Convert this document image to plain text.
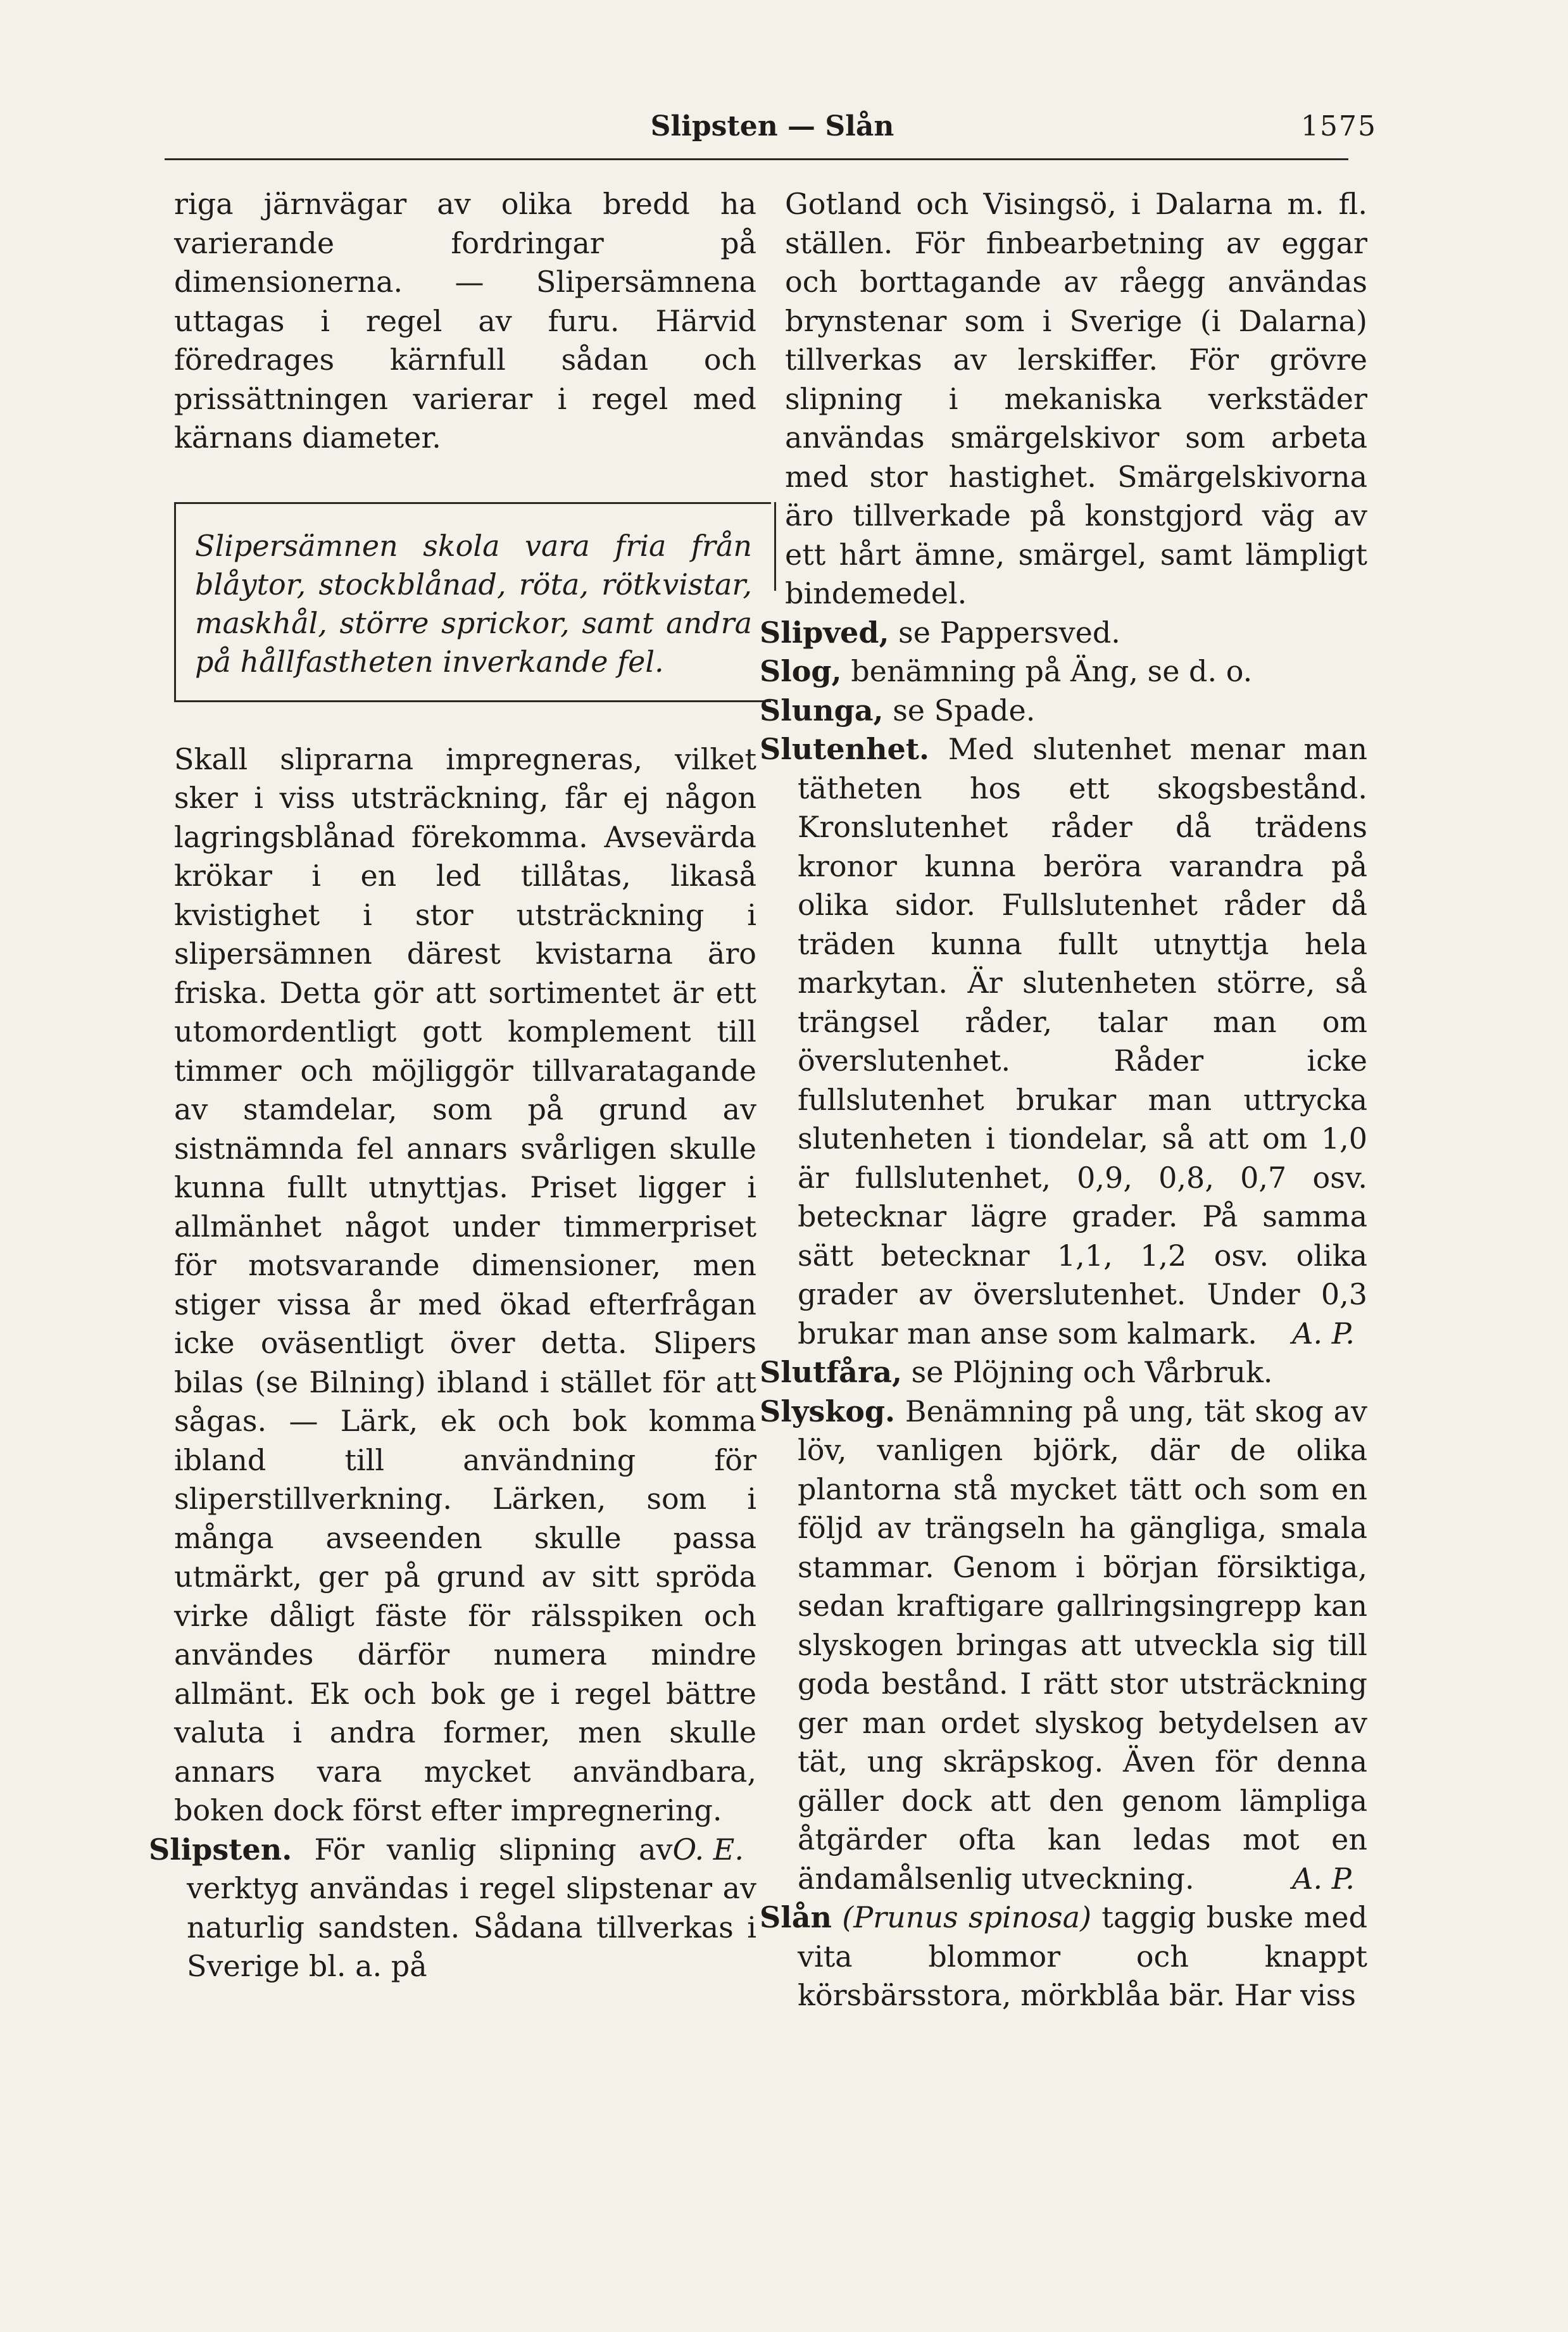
Slipsten — Slån	1575

riga järnvägar av olika bredd ha varierande fordringar på dimensionerna. — Slipersämnena uttagas i regel av furu. Härvid föredrages kärnfull sådan och prissättningen varierar i regel med kärnans diameter.

Slipersämnen skola vara fria från blåytor, stockblånad, röta, rötkvistar, maskhål, större sprickor, samt andra på hållfastheten inverkande fel.

Skall sliprarna impregneras, vilket sker i viss utsträckning, får ej någon lagringsblånad förekomma. Avsevärda krökar i en led tillåtas, likaså kvistighet i stor utsträckning i slipersämnen därest kvistarna äro friska. Detta gör att sortimentet är ett utomordentligt gott komplement till timmer och möjliggör tillvaratagande av stamdelar, som på grund av sistnämnda fel annars svårligen skulle kunna fullt utnyttjas. Priset ligger i allmänhet något under timmerpriset för motsvarande dimensioner, men stiger vissa år med ökad efterfrågan icke oväsentligt över detta. Slipers bilas (se Bilning) ibland i stället för att sågas. — Lärk, ek och bok komma ibland till användning för sliperstillverkning. Lärken, som i många avseenden skulle passa utmärkt, ger på grund av sitt spröda virke dåligt fäste för rälsspiken och användes därför numera mindre allmänt. Ek och bok ge i regel bättre valuta i andra former, men skulle annars vara mycket användbara, boken dock först efter impregnering.
O. E.

Slipsten. För vanlig slipning av verktyg användas i regel slipstenar av naturlig sandsten. Sådana tillverkas i Sverige bl. a. på

Gotland och Visingsö, i Dalarna m. fl. ställen. För finbearbetning av eggar och borttagande av råegg användas brynstenar som i Sverige (i Dalarna) tillverkas av lerskiffer. För grövre slipning i mekaniska verkstäder användas smärgelskivor som arbeta med stor hastighet. Smärgelskivorna äro tillverkade på konstgjord väg av ett hårt ämne, smärgel, samt lämpligt bindemedel.

Slipved, se Pappersved.

Slog, benämning på Äng, se d. o.

Slunga, se Spade.

Slutenhet. Med slutenhet menar man tätheten hos ett skogsbestånd. Kronslutenhet råder då trädens kronor kunna beröra varandra på olika sidor. Fullslutenhet råder då träden kunna fullt utnyttja hela markytan. Är slutenheten större, så trängsel råder, talar man om överslutenhet. Råder icke fullslutenhet brukar man uttrycka slutenheten i tiondelar, så att om 1,0 är fullslutenhet, 0,9, 0,8, 0,7 osv. betecknar lägre grader. På samma sätt betecknar 1,1, 1,2 osv. olika grader av överslutenhet. Under 0,3 brukar man anse som kalmark. A. P.

Slutfåra, se Plöjning och Vårbruk.

Slyskog. Benämning på ung, tät skog av löv, vanligen björk, där de olika plantorna stå mycket tätt och som en följd av trängseln ha gängliga, smala stammar. Genom i början försiktiga, sedan kraftigare gallringsingrepp kan slyskogen bringas att utveckla sig till goda bestånd. I rätt stor utsträckning ger man ordet slyskog betydelsen av tät, ung skräpskog. Även för denna gäller dock att den genom lämpliga åtgärder ofta kan ledas mot en ändamålsenlig utveckning.	A. P.

Slån (Prunus spinosa) taggig buske med vita blommor och knappt körsbärsstora, mörkblåa bär. Har viss
